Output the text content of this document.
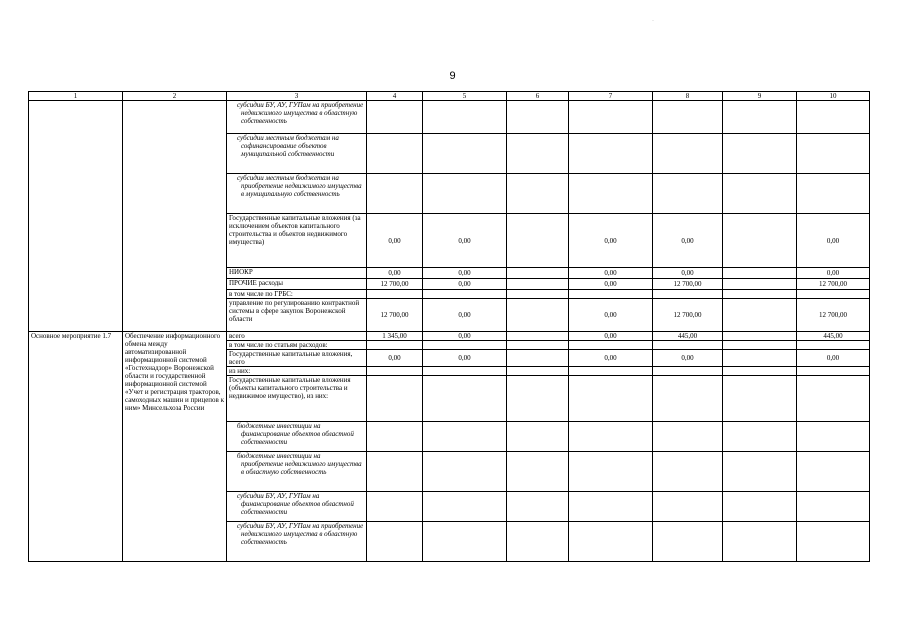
·
9
1	2	3	4	5	6	7	8	9	10
		субсидии БУ, АУ, ГУПам на приобретение недвижимого имущества в областную собственность							
		субсидии местным бюджетам на софинансирование объектов муниципальной собственности							
		субсидии местным бюджетам на приобретение недвижимого имущества в муниципальную собственность							
		Государственные капитальные вложения (за исключением объектов капитального строительства и объектов недвижимого имущества)	0,00	0,00		0,00	0,00		0,00
		НИОКР	0,00	0,00		0,00	0,00		0,00
		ПРОЧИЕ расходы	12 700,00	0,00		0,00	12 700,00		12 700,00
		в том числе по ГРБС:							
		управление по регулированию контрактной системы в сфере закупок Воронежской области	12 700,00	0,00		0,00	12 700,00		12 700,00
Основное мероприятие 1.7	Обеспечение информационного обмена между автоматизированной информационной системой «Гостехнадзор» Воронежской области и государственной информационной системой «Учет и регистрация тракторов, самоходных машин и прицепов к ним» Минсельхоза России	всего	1 345,00	0,00		0,00	445,00		445,00
		в том числе по статьям расходов:							
		Государственные капитальные вложения, всего	0,00	0,00		0,00	0,00		0,00
		из них:							
		Государственные капитальные вложения (объекты капитального строительства и недвижимое имущество), из них:							
		бюджетные инвестиции на финансирование объектов областной собственности							
		бюджетные инвестиции на приобретение недвижимого имущества в областную собственность							
		субсидии БУ, АУ, ГУПам на финансирование объектов областной собственности							
		субсидии БУ, АУ, ГУПам на приобретение недвижимого имущества в областную собственность							
